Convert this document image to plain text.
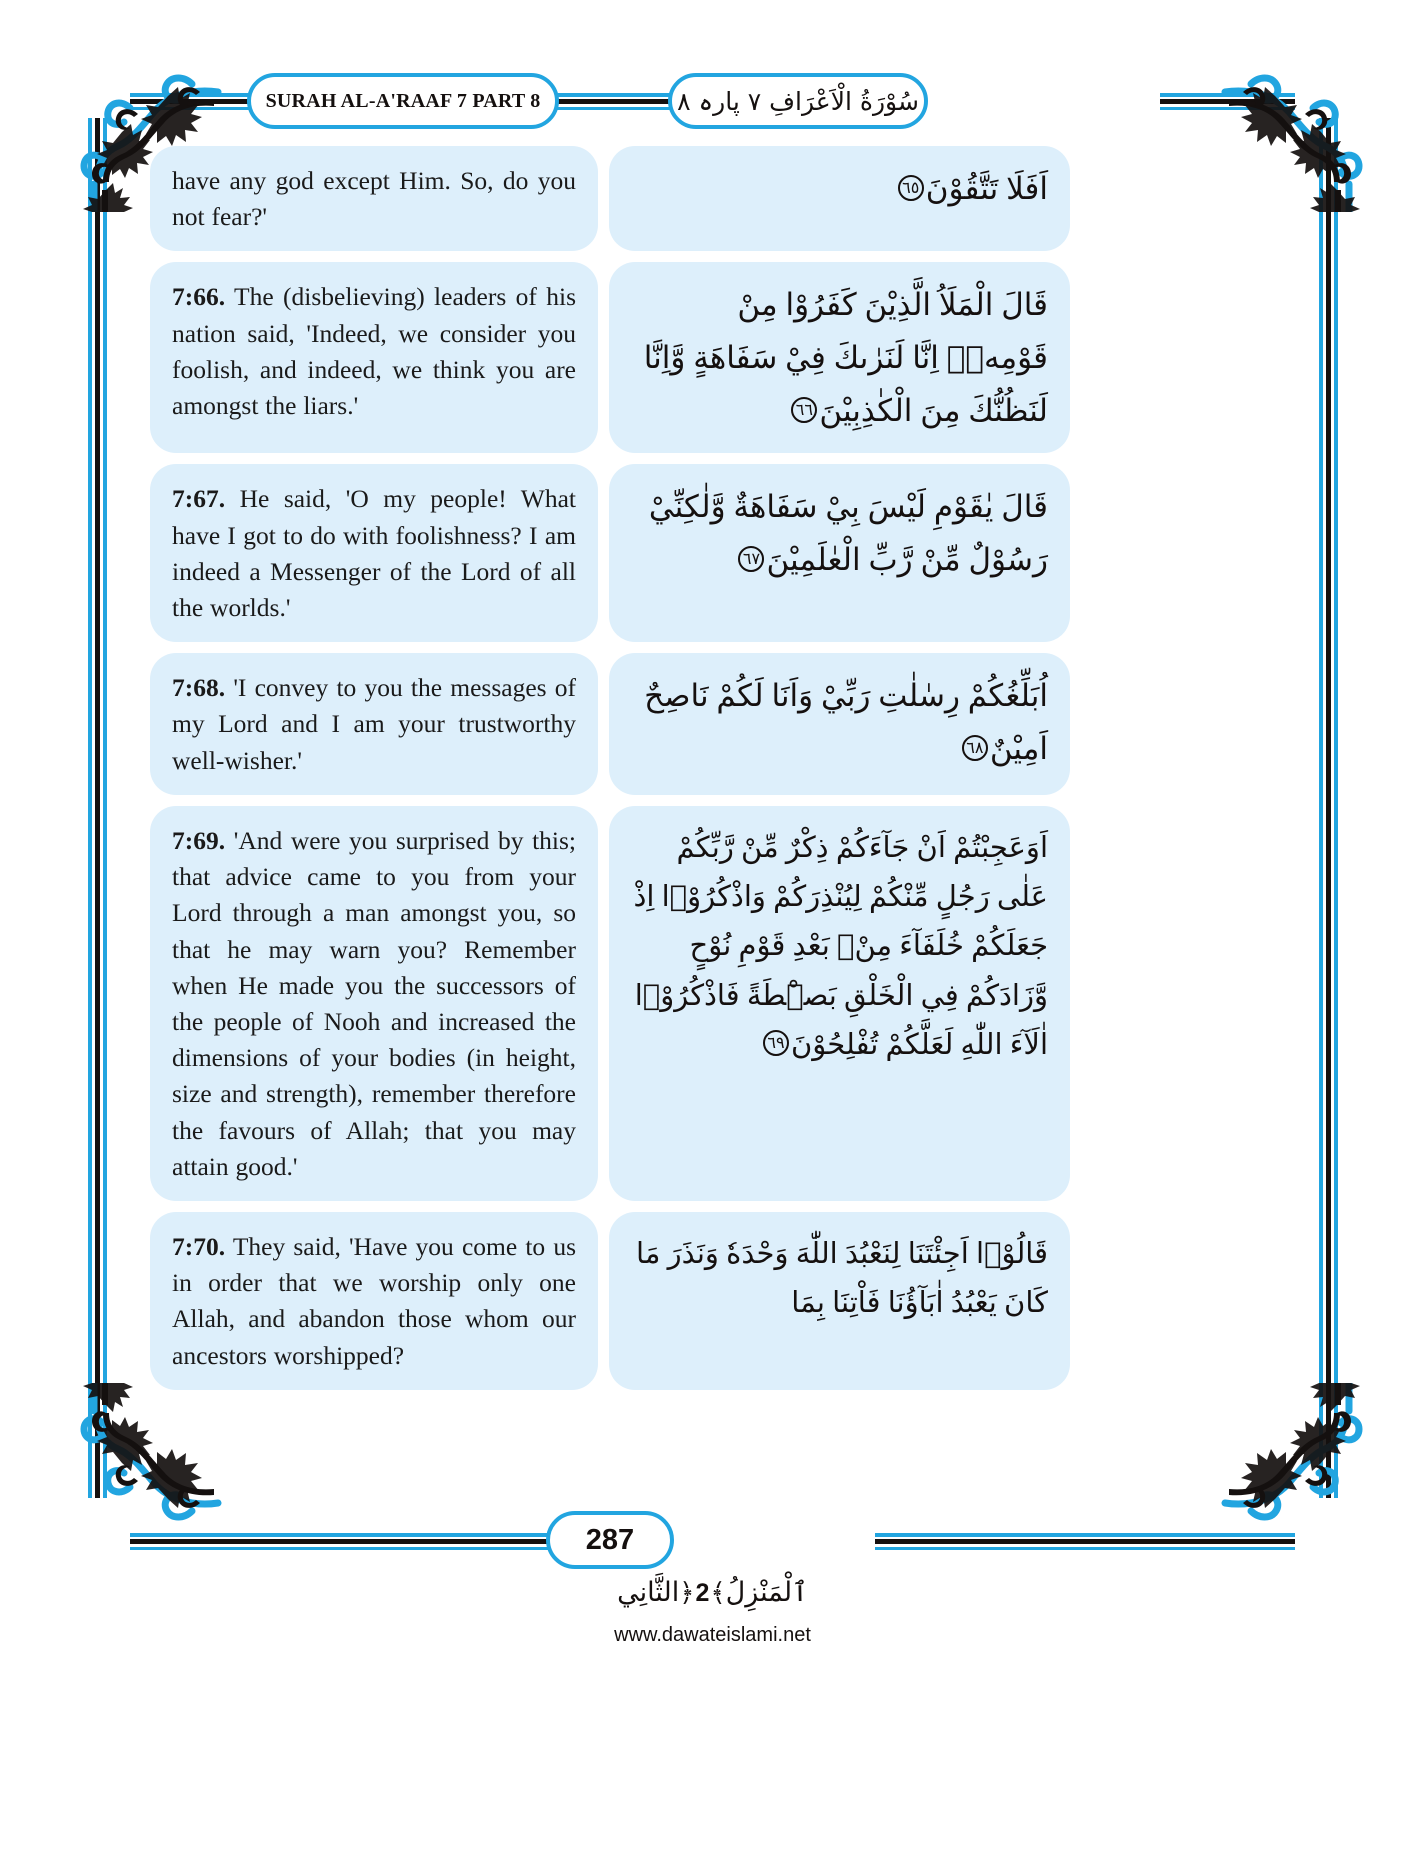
SURAH AL-A'RAAF 7 PART 8	سُوْرَةُ الْاَعْرَافِ ٧ پارہ ٨
have any god except Him. So, do you not fear?'
اَفَلَا تَتَّقُوْنَ٦٥
7:66. The (disbelieving) leaders of his nation said, 'Indeed, we consider you foolish, and indeed, we think you are amongst the liars.'
قَالَ الْمَلَاُ الَّذِيْنَ كَفَرُوْا مِنْ قَوْمِهٖۤ اِنَّا لَنَرٰىكَ فِيْ سَفَاهَةٍ وَّاِنَّا لَنَظُنُّكَ مِنَ الْكٰذِبِيْنَ٦٦
7:67. He said, 'O my people! What have I got to do with foolishness? I am indeed a Messenger of the Lord of all the worlds.'
قَالَ يٰقَوْمِ لَيْسَ بِيْ سَفَاهَةٌ وَّلٰكِنِّيْ رَسُوْلٌ مِّنْ رَّبِّ الْعٰلَمِيْنَ٦٧
7:68. 'I convey to you the messages of my Lord and I am your trustworthy well-wisher.'
اُبَلِّغُكُمْ رِسٰلٰتِ رَبِّيْ وَاَنَا لَكُمْ نَاصِحٌ اَمِيْنٌ٦٨
7:69. 'And were you surprised by this; that advice came to you from your Lord through a man amongst you, so that he may warn you? Remember when He made you the successors of the people of Nooh and increased the dimensions of your bodies (in height, size and strength), remember therefore the favours of Allah; that you may attain good.'
اَوَعَجِبْتُمْ اَنْ جَآءَكُمْ ذِكْرٌ مِّنْ رَّبِّكُمْ عَلٰى رَجُلٍ مِّنْكُمْ لِيُنْذِرَكُمْ وَاذْكُرُوْۤا اِذْ جَعَلَكُمْ خُلَفَآءَ مِنْۢ بَعْدِ قَوْمِ نُوْحٍ وَّزَادَكُمْ فِي الْخَلْقِ بَصْۜطَةً فَاذْكُرُوْۤا اٰلَآءَ اللّٰهِ لَعَلَّكُمْ تُفْلِحُوْنَ٦٩
7:70. They said, 'Have you come to us in order that we worship only one Allah, and abandon those whom our ancestors worshipped?
قَالُوْۤا اَجِئْتَنَا لِنَعْبُدَ اللّٰهَ وَحْدَهٗ وَنَذَرَ مَا كَانَ يَعْبُدُ اٰبَآؤُنَا فَاْتِنَا بِمَا
287
ٱلْمَنْزِلُ﴾2﴿الثَّانِي
www.dawateislami.net
